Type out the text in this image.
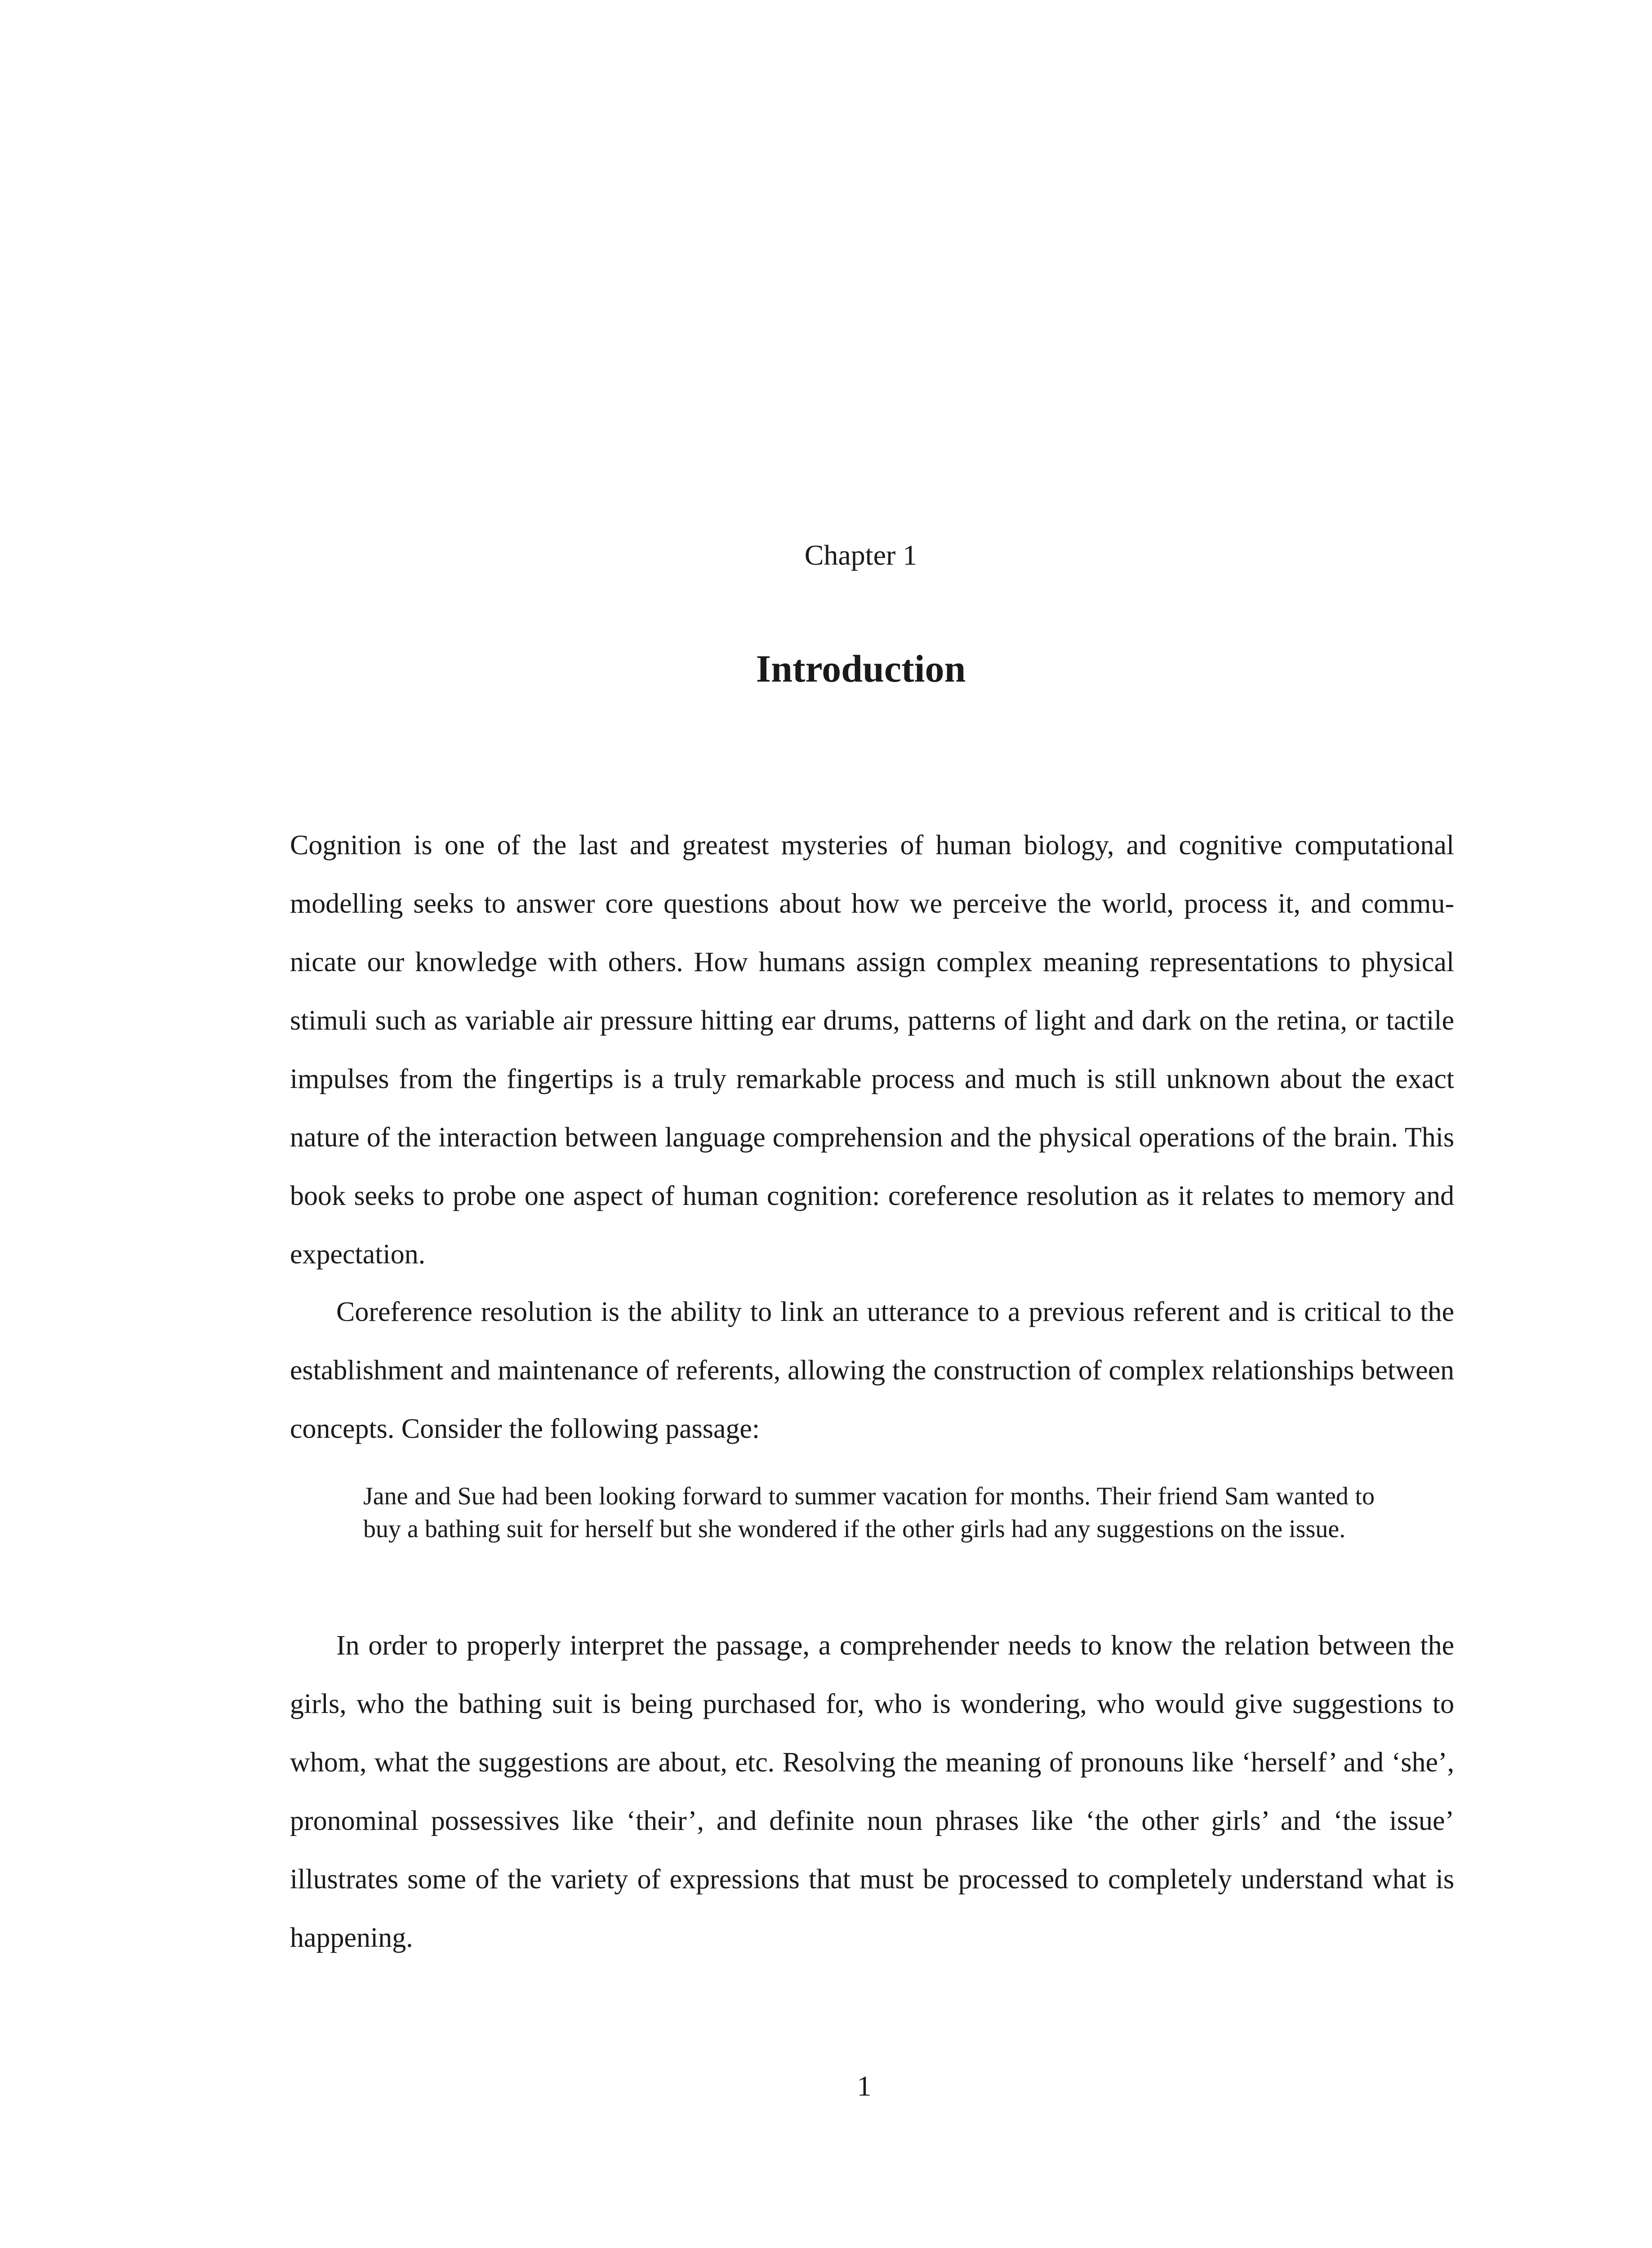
Chapter 1
Introduction

Cognition is one of the last and greatest mysteries of human biology, and cognitive computational modelling seeks to answer core questions about how we perceive the world, process it, and communicate our knowledge with others. How humans assign complex meaning representations to physical stimuli such as variable air pressure hitting ear drums, patterns of light and dark on the retina, or tactile impulses from the fingertips is a truly remarkable process and much is still unknown about the exact nature of the interaction between language comprehension and the physical operations of the brain. This book seeks to probe one aspect of human cognition: coreference resolution as it relates to memory and expectation.

Coreference resolution is the ability to link an utterance to a previous referent and is critical to the establishment and maintenance of referents, allowing the construction of complex relationships between concepts. Consider the following passage:

Jane and Sue had been looking forward to summer vacation for months. Their friend Sam wanted to buy a bathing suit for herself but she wondered if the other girls had any suggestions on the issue.

In order to properly interpret the passage, a comprehender needs to know the relation between the girls, who the bathing suit is being purchased for, who is wondering, who would give suggestions to whom, what the suggestions are about, etc. Resolving the meaning of pronouns like ‘herself’ and ‘she’, pronominal possessives like ‘their’, and definite noun phrases like ‘the other girls’ and ‘the issue’ illustrates some of the variety of expressions that must be processed to completely understand what is happening.

1
